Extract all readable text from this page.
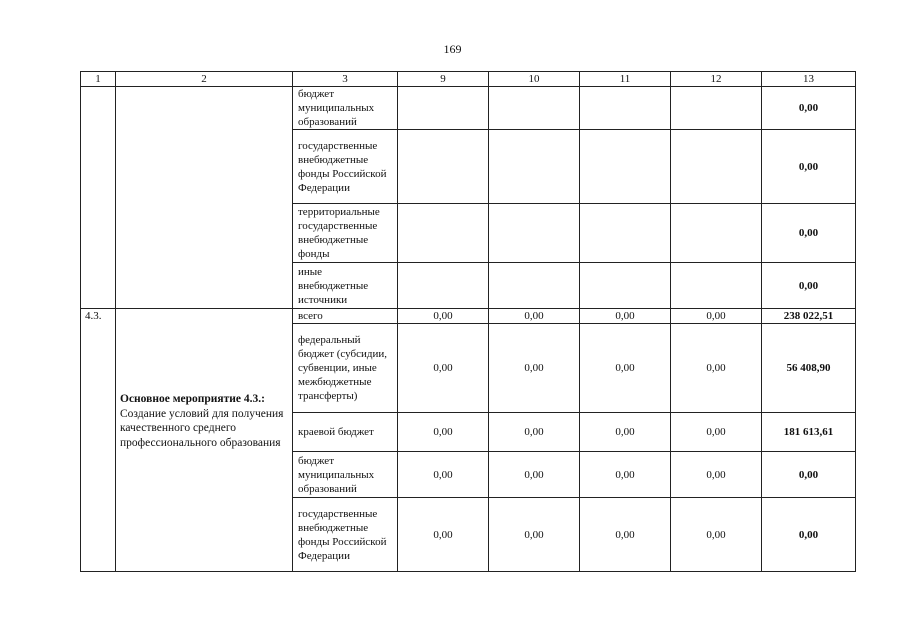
169
1	2	3	9	10	11	12	13
		бюджет муниципальных образований					0,00
		государственные внебюджетные фонды Российской Федерации					0,00
		территориальные государственные внебюджетные фонды					0,00
		иные внебюджетные источники					0,00
4.3.	Основное мероприятие 4.3.: Создание условий для получения качественного среднего профессионального образования	всего	0,00	0,00	0,00	0,00	238 022,51
		федеральный бюджет (субсидии, субвенции, иные межбюджетные трансферты)	0,00	0,00	0,00	0,00	56 408,90
		краевой бюджет	0,00	0,00	0,00	0,00	181 613,61
		бюджет муниципальных образований	0,00	0,00	0,00	0,00	0,00
		государственные внебюджетные фонды Российской Федерации	0,00	0,00	0,00	0,00	0,00
